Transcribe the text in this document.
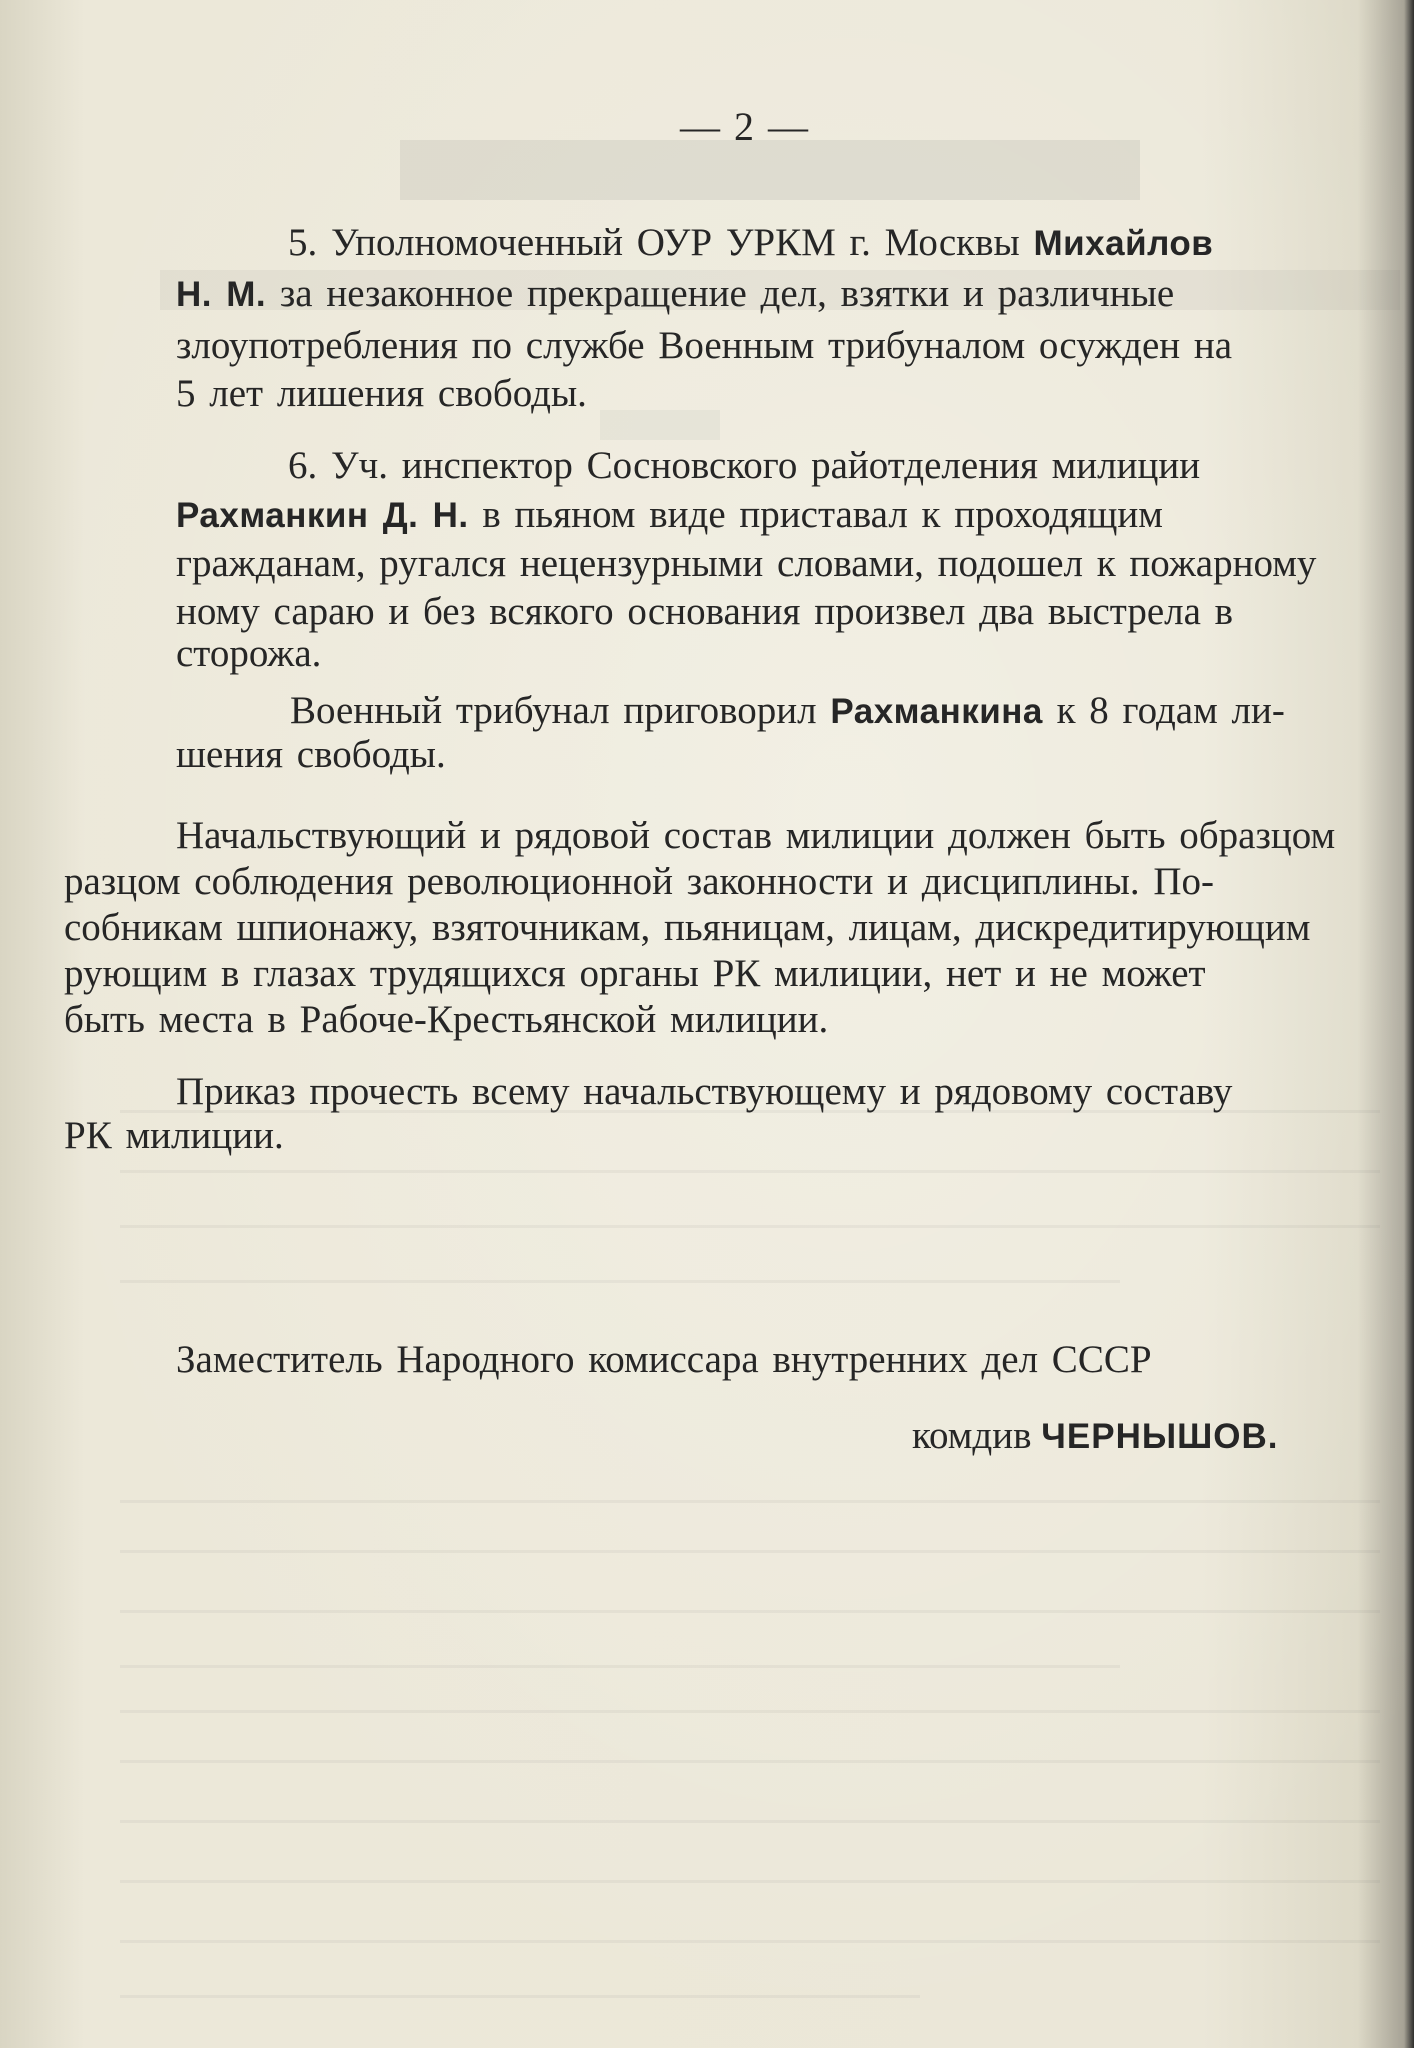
— 2 —
5. Уполномоченный ОУР УРКМ г. Москвы Михайлов
Н. М. за незаконное прекращение дел, взятки и различные
злоупотребления по службе Военным трибуналом осужден на
5 лет лишения свободы.
6. Уч. инспектор Сосновского райотделения милиции
Рахманкин Д. Н. в пьяном виде приставал к проходящим
гражданам, ругался нецензурными словами, подошел к пожарному
ному сараю и без всякого основания произвел два выстрела в
сторожа.
Военный трибунал приговорил Рахманкина к 8 годам ли-
шения свободы.
Начальствующий и рядовой состав милиции должен быть образцом
разцом соблюдения революционной законности и дисциплины. По-
собникам шпионажу, взяточникам, пьяницам, лицам, дискредитирующим
рующим в глазах трудящихся органы РК милиции, нет и не может
быть места в Рабоче-Крестьянской милиции.
Приказ прочесть всему начальствующему и рядовому составу
РК милиции.
Заместитель Народного комиссара внутренних дел СССР
комдив ЧЕРНЫШОВ.
